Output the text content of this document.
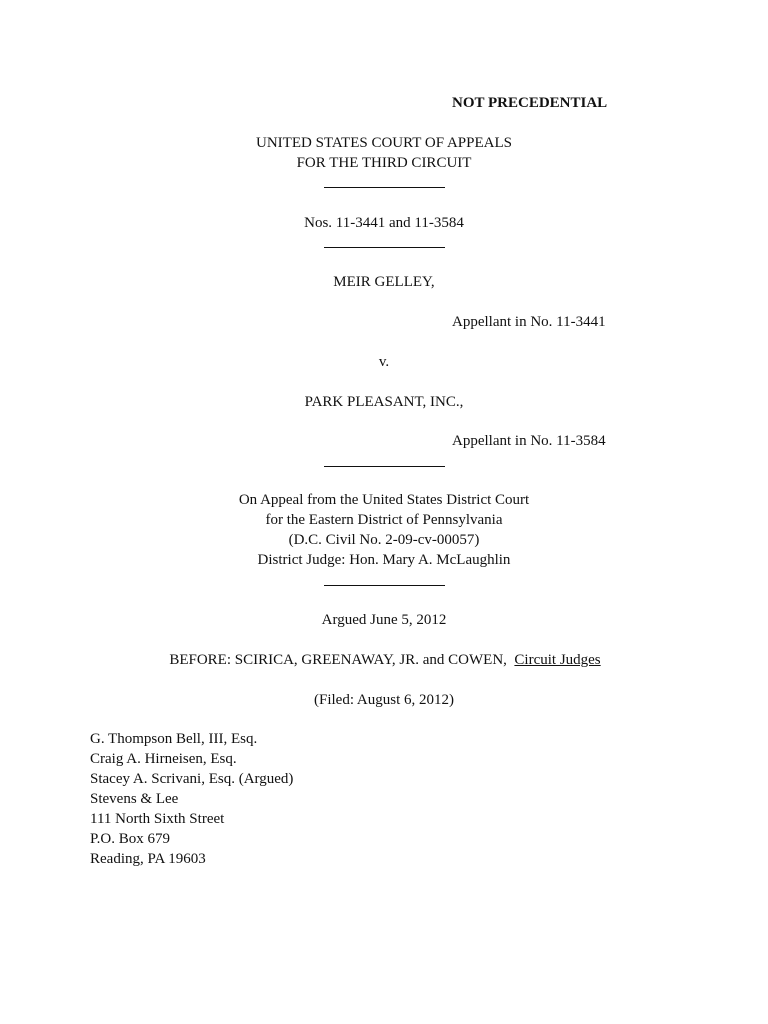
NOT PRECEDENTIAL
UNITED STATES COURT OF APPEALS
FOR THE THIRD CIRCUIT
Nos. 11-3441 and 11-3584
MEIR GELLEY,
Appellant in No. 11-3441
v.
PARK PLEASANT, INC.,
Appellant in No. 11-3584
On Appeal from the United States District Court
for the Eastern District of Pennsylvania
(D.C. Civil No. 2-09-cv-00057)
District Judge: Hon. Mary A. McLaughlin
Argued June 5, 2012
BEFORE: SCIRICA, GREENAWAY, JR. and COWEN, Circuit Judges
(Filed: August 6, 2012)
G. Thompson Bell, III, Esq.
Craig A. Hirneisen, Esq.
Stacey A. Scrivani, Esq. (Argued)
Stevens & Lee
111 North Sixth Street
P.O. Box 679
Reading, PA 19603
